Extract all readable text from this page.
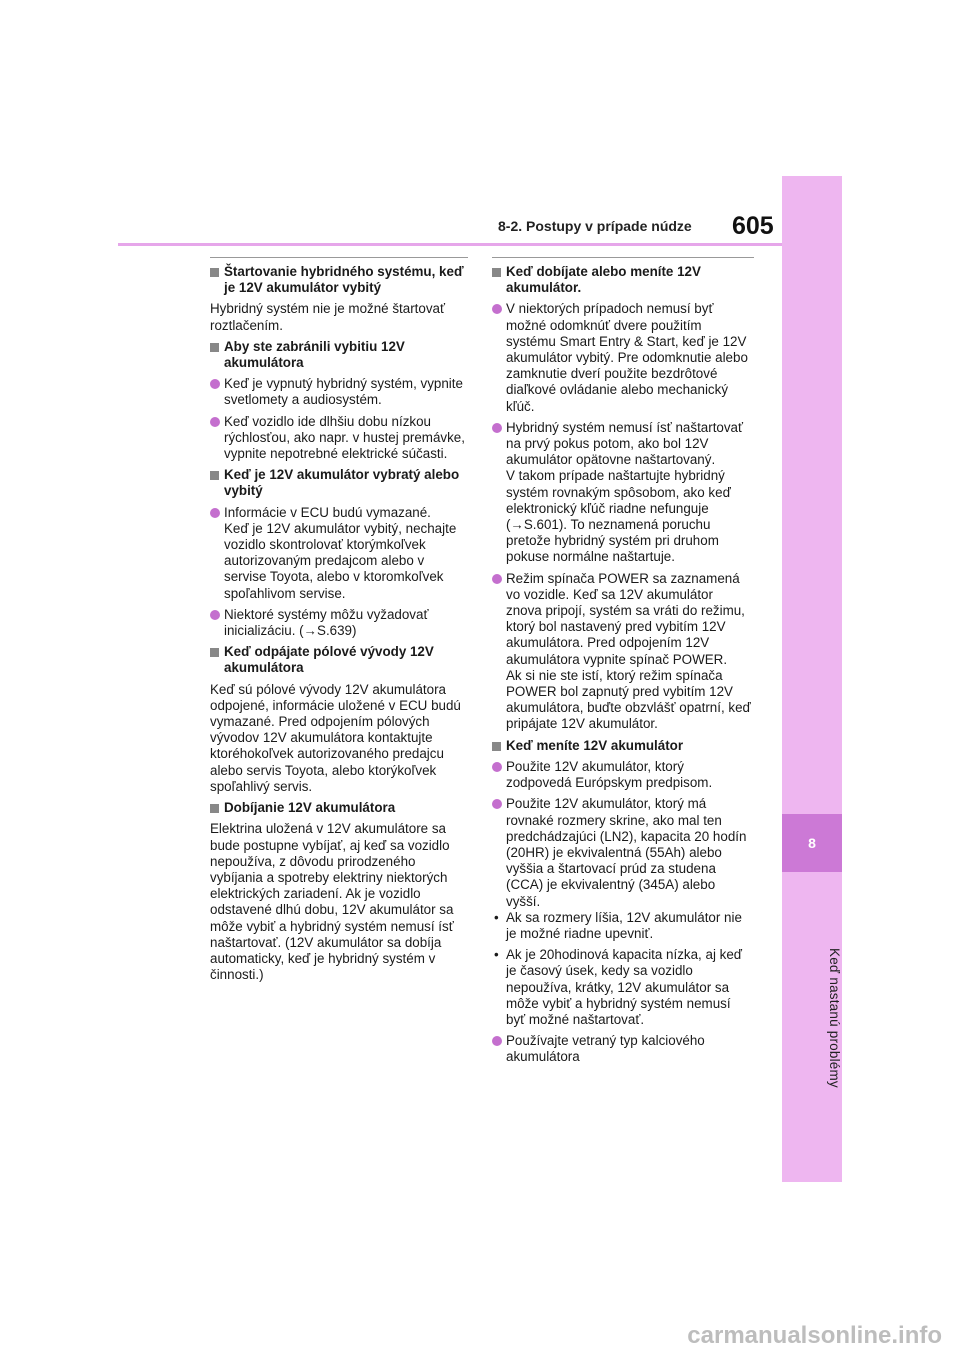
8
Keď nastanú problémy
8-2. Postupy v prípade núdze 605

Štartovanie hybridného systému, keď je 12V akumulátor vybitý

Hybridný systém nie je možné štartovať roztlačením.

Aby ste zabránili vybitiu 12V akumulátora

Keď je vypnutý hybridný systém, vypnite svetlomety a audiosystém.

Keď vozidlo ide dlhšiu dobu nízkou rýchlosťou, ako napr. v hustej premávke, vypnite nepotrebné elektrické súčasti.

Keď je 12V akumulátor vybratý alebo vybitý

Informácie v ECU budú vymazané.
Keď je 12V akumulátor vybitý, nechajte vozidlo skontrolovať ktorýmkoľvek autorizovaným predajcom alebo v servise Toyota, alebo v ktoromkoľvek spoľahlivom servise.

Niektoré systémy môžu vyžadovať inicializáciu. (→S.639)

Keď odpájate pólové vývody 12V akumulátora

Keď sú pólové vývody 12V akumulátora odpojené, informácie uložené v ECU budú vymazané. Pred odpojením pólových vývodov 12V akumulátora kontaktujte ktoréhokoľvek autorizovaného predajcu alebo servis Toyota, alebo ktorýkoľvek spoľahlivý servis.

Dobíjanie 12V akumulátora

Elektrina uložená v 12V akumulátore sa bude postupne vybíjať, aj keď sa vozidlo nepoužíva, z dôvodu prirodzeného vybíjania a spotreby elektriny niektorých elektrických zariadení. Ak je vozidlo odstavené dlhú dobu, 12V akumulátor sa môže vybiť a hybridný systém nemusí ísť naštartovať. (12V akumulátor sa dobíja automaticky, keď je hybridný systém v činnosti.)

Keď dobíjate alebo meníte 12V akumulátor.

V niektorých prípadoch nemusí byť možné odomknúť dvere použitím systému Smart Entry & Start, keď je 12V akumulátor vybitý. Pre odomknutie alebo zamknutie dverí použite bezdrôtové diaľkové ovládanie alebo mechanický kľúč.

Hybridný systém nemusí ísť naštartovať na prvý pokus potom, ako bol 12V akumulátor opätovne naštartovaný.
V takom prípade naštartujte hybridný systém rovnakým spôsobom, ako keď elektronický kľúč riadne nefunguje (→S.601). To neznamená poruchu pretože hybridný systém pri druhom pokuse normálne naštartuje.

Režim spínača POWER sa zaznamená vo vozidle. Keď sa 12V akumulátor znova pripojí, systém sa vráti do režimu, ktorý bol nastavený pred vybitím 12V akumulátora. Pred odpojením 12V akumulátora vypnite spínač POWER.
Ak si nie ste istí, ktorý režim spínača POWER bol zapnutý pred vybitím 12V akumulátora, buďte obzvlášť opatrní, keď pripájate 12V akumulátor.

Keď meníte 12V akumulátor

Použite 12V akumulátor, ktorý zodpovedá Európskym predpisom.

Použite 12V akumulátor, ktorý má rovnaké rozmery skrine, ako mal ten predchádzajúci (LN2), kapacita 20 hodín (20HR) je ekvivalentná (55Ah) alebo vyššia a štartovací prúd za studena (CCA) je ekvivalentný (345A) alebo vyšší.

• Ak sa rozmery líšia, 12V akumulátor nie je možné riadne upevniť.

• Ak je 20hodinová kapacita nízka, aj keď je časový úsek, kedy sa vozidlo nepoužíva, krátky, 12V akumulátor sa môže vybiť a hybridný systém nemusí byť možné naštartovať.

Používajte vetraný typ kalciového akumulátora

carmanualsonline.info
